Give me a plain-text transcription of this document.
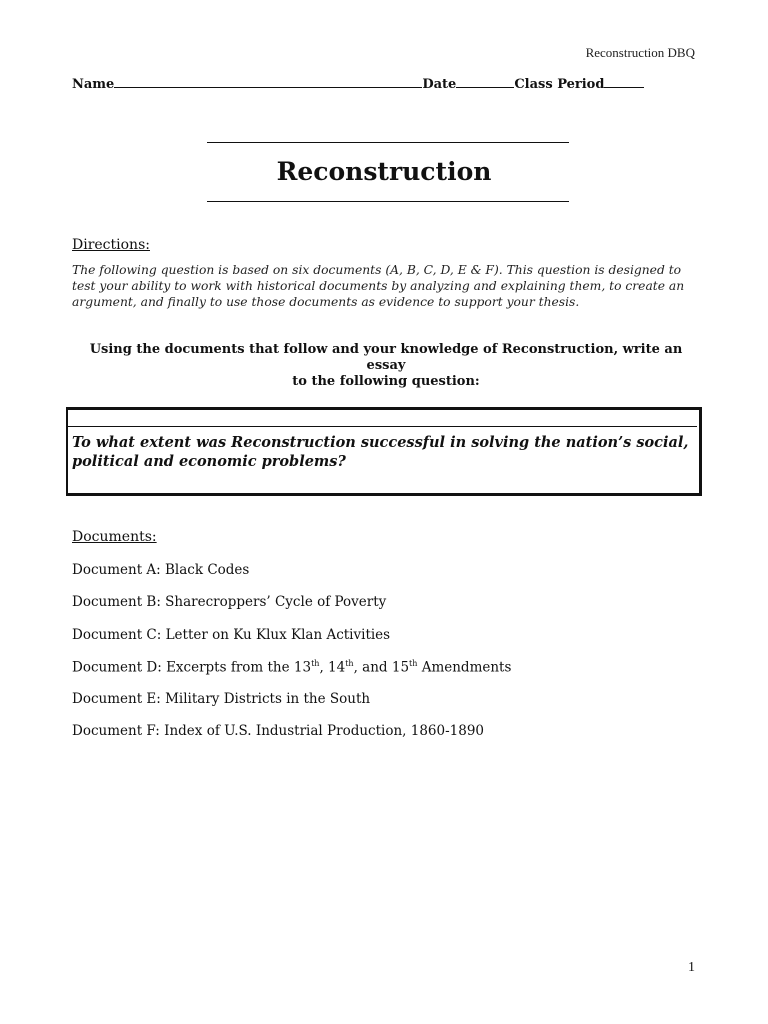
Reconstruction DBQ
Name	Date	Class Period
Reconstruction
Directions:
The following question is based on six documents (A, B, C, D, E & F). This question is designed to test your ability to work with historical documents by analyzing and explaining them, to create an argument, and finally to use those documents as evidence to support your thesis.
Using the documents that follow and your knowledge of Reconstruction, write an essay
to the following question:
To what extent was Reconstruction successful in solving the nation’s social,
political and economic problems?
Documents:
Document A: Black Codes
Document B: Sharecroppers’ Cycle of Poverty
Document C: Letter on Ku Klux Klan Activities
Document D: Excerpts from the 13th, 14th, and 15th Amendments
Document E: Military Districts in the South
Document F: Index of U.S. Industrial Production, 1860-1890
1
